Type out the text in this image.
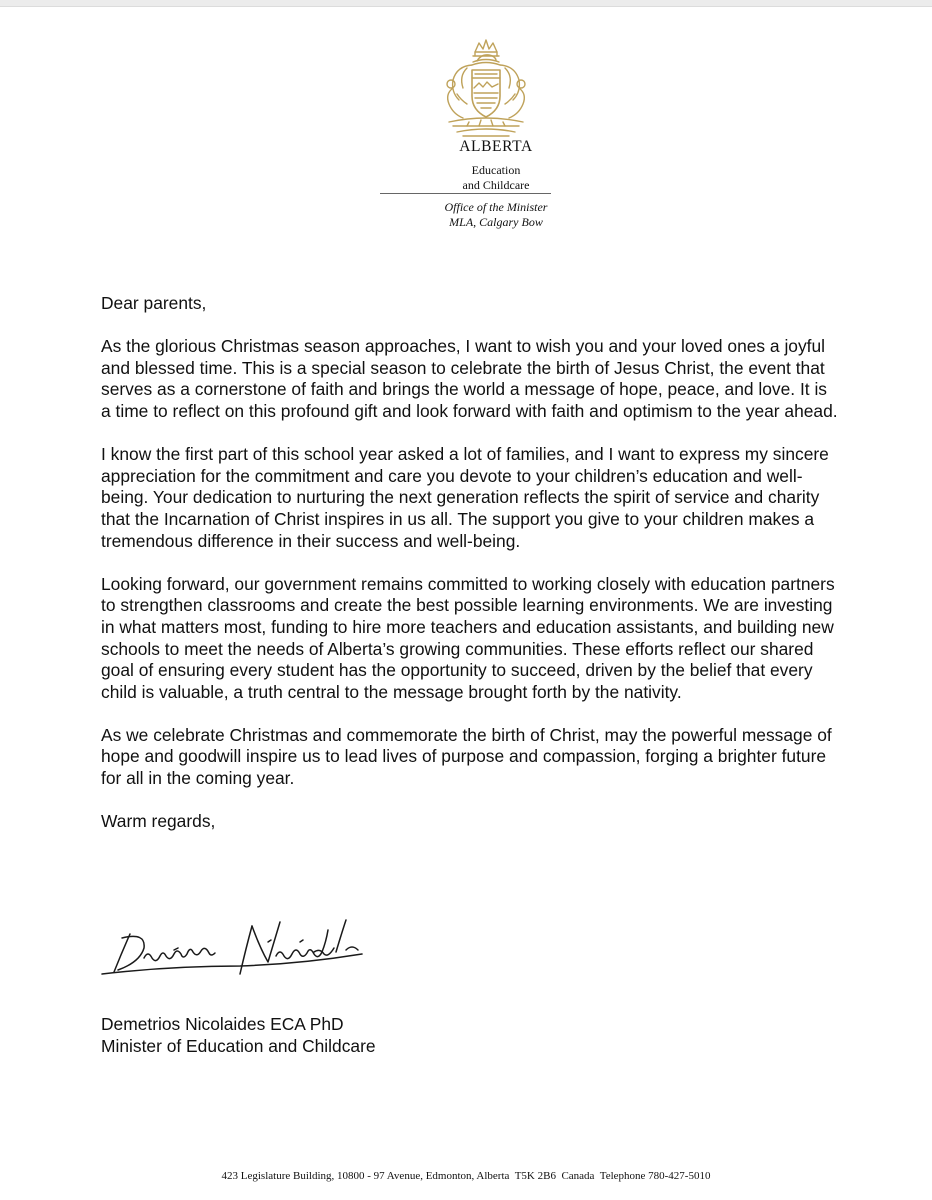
ALBERTA
Education
and Childcare
Office of the Minister
MLA, Calgary Bow

Dear parents,

As the glorious Christmas season approaches, I want to wish you and your loved ones a joyful and blessed time. This is a special season to celebrate the birth of Jesus Christ, the event that serves as a cornerstone of faith and brings the world a message of hope, peace, and love. It is a time to reflect on this profound gift and look forward with faith and optimism to the year ahead.

I know the first part of this school year asked a lot of families, and I want to express my sincere appreciation for the commitment and care you devote to your children’s education and well-being. Your dedication to nurturing the next generation reflects the spirit of service and charity that the Incarnation of Christ inspires in us all. The support you give to your children makes a tremendous difference in their success and well-being.

Looking forward, our government remains committed to working closely with education partners to strengthen classrooms and create the best possible learning environments. We are investing in what matters most, funding to hire more teachers and education assistants, and building new schools to meet the needs of Alberta’s growing communities. These efforts reflect our shared goal of ensuring every student has the opportunity to succeed, driven by the belief that every child is valuable, a truth central to the message brought forth by the nativity.

As we celebrate Christmas and commemorate the birth of Christ, may the powerful message of hope and goodwill inspire us to lead lives of purpose and compassion, forging a brighter future for all in the coming year.

Warm regards,

Demetrios Nicolaides ECA PhD
Minister of Education and Childcare
423 Legislature Building, 10800 - 97 Avenue, Edmonton, Alberta  T5K 2B6  Canada  Telephone 780-427-5010
